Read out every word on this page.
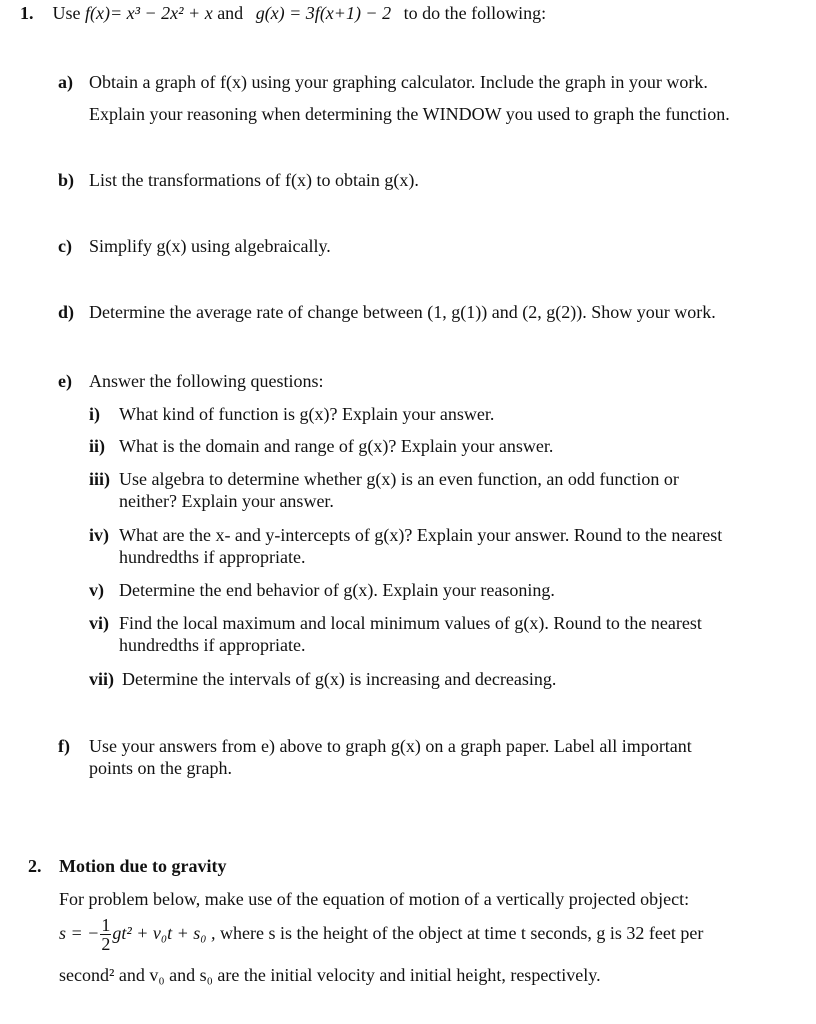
1. Use f(x)= x³ − 2x² + x and g(x) = 3f(x+1) − 2 to do the following:
a) Obtain a graph of f(x) using your graphing calculator. Include the graph in your work.
Explain your reasoning when determining the WINDOW you used to graph the function.
b) List the transformations of f(x) to obtain g(x).
c) Simplify g(x) using algebraically.
d) Determine the average rate of change between (1, g(1)) and (2, g(2)). Show your work.
e) Answer the following questions:
i) What kind of function is g(x)? Explain your answer.
ii) What is the domain and range of g(x)? Explain your answer.
iii) Use algebra to determine whether g(x) is an even function, an odd function or
neither? Explain your answer.
iv) What are the x- and y-intercepts of g(x)? Explain your answer. Round to the nearest
hundredths if appropriate.
v) Determine the end behavior of g(x). Explain your reasoning.
vi) Find the local maximum and local minimum values of g(x). Round to the nearest
hundredths if appropriate.
vii) Determine the intervals of g(x) is increasing and decreasing.
f) Use your answers from e) above to graph g(x) on a graph paper. Label all important
points on the graph.
2. Motion due to gravity
For problem below, make use of the equation of motion of a vertically projected object:
s = − $\frac{1}{2} gt^2 + v_0t + s_0$ , where s is the height of the object at time t seconds, g is 32 feet per
second² and v₀ and s₀ are the initial velocity and initial height, respectively.
